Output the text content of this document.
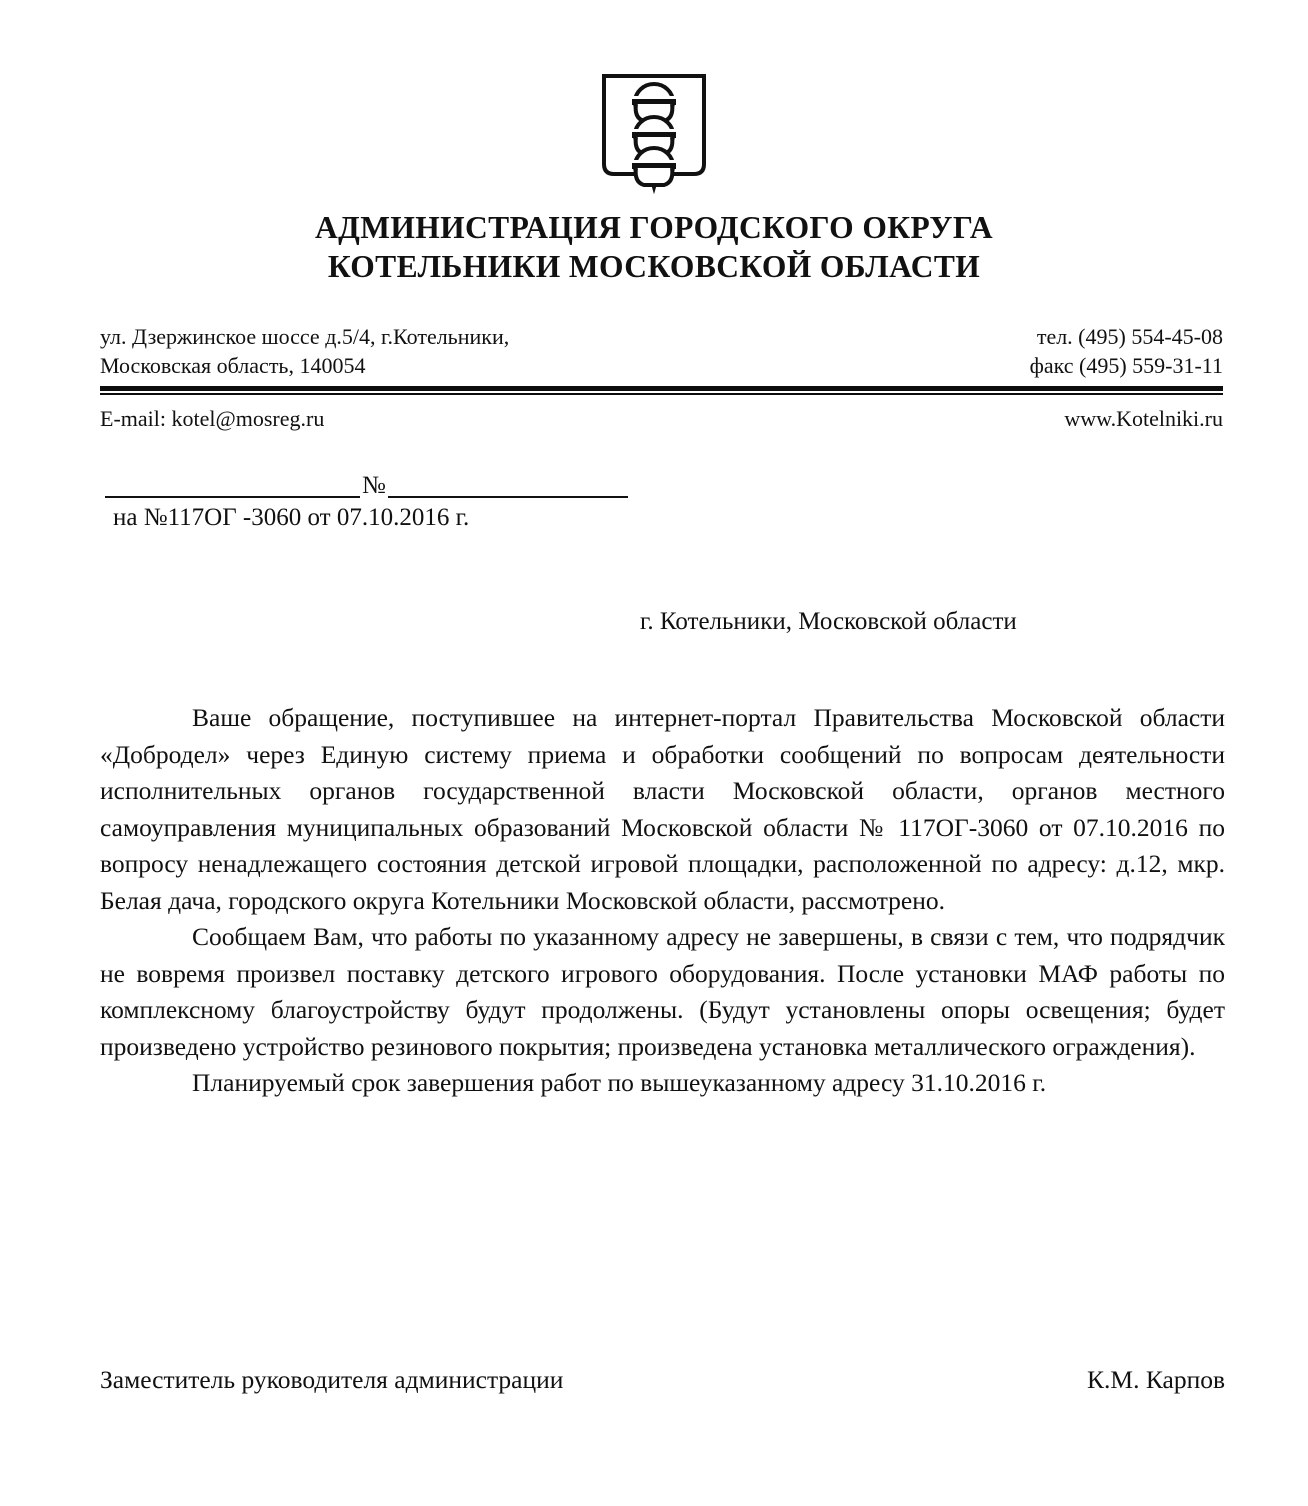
АДМИНИСТРАЦИЯ ГОРОДСКОГО ОКРУГА
КОТЕЛЬНИКИ МОСКОВСКОЙ ОБЛАСТИ
ул. Дзержинское шоссе д.5/4, г.Котельники,
Московская область, 140054
тел. (495) 554-45-08
факс (495) 559-31-11
E-mail: kotel@mosreg.ru	www.Kotelniki.ru
№
на №117ОГ -3060 от 07.10.2016 г.
г. Котельники, Московской области

Ваше обращение, поступившее на интернет-портал Правительства Московской области «Добродел» через Единую систему приема и обработки сообщений по вопросам деятельности исполнительных органов государственной власти Московской области, органов местного самоуправления муниципальных образований Московской области № 117ОГ-3060 от 07.10.2016 по вопросу ненадлежащего состояния детской игровой площадки, расположенной по адресу: д.12, мкр. Белая дача, городского округа Котельники Московской области, рассмотрено.

Сообщаем Вам, что работы по указанному адресу не завершены, в связи с тем, что подрядчик не вовремя произвел поставку детского игрового оборудования. После установки МАФ работы по комплексному благоустройству будут продолжены. (Будут установлены опоры освещения; будет произведено устройство резинового покрытия; произведена установка металлического ограждения).

Планируемый срок завершения работ по вышеуказанному адресу 31.10.2016 г.

Заместитель руководителя администрации	К.М. Карпов
